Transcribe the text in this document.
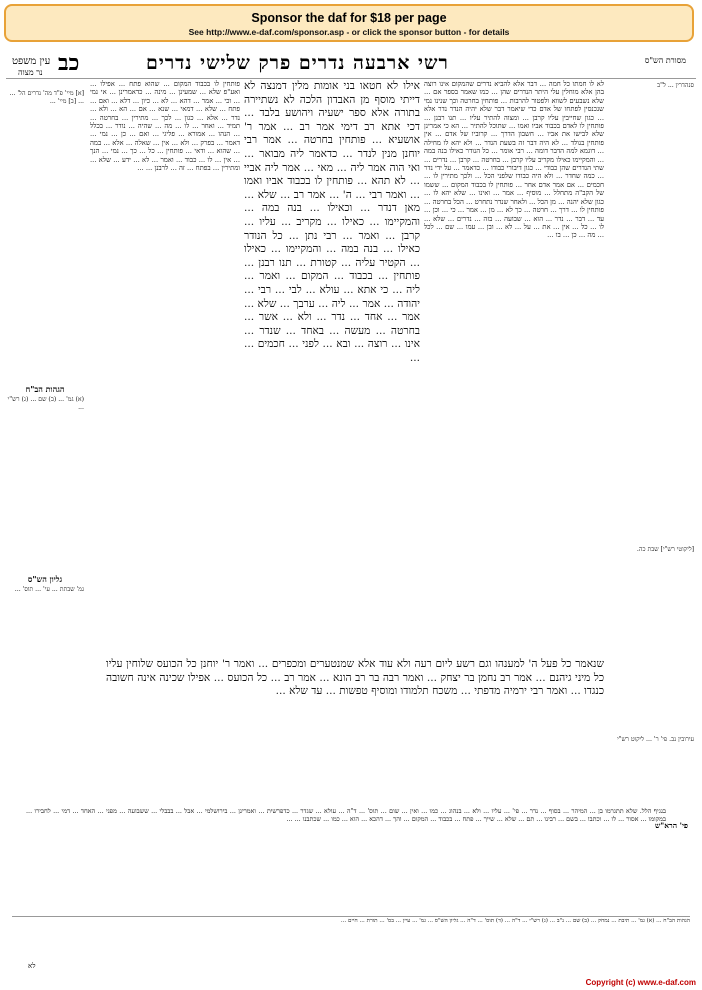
Sponsor the daf for $18 per page
See http://www.e-daf.com/sponsor.asp - or click the sponsor button - for details
מסורת הש"ס
רשי ארבעה נדרים פרק שלישי נדרים
כב
עין משפט
נר מצוה
סנהדרין ... ל"ב
[ליקוטי רש"י] שבת כה.
עירובין נב. פי' ר' ... ליקוט רש"י
פי' הרא"ש
לא לו חמתו כל חמה ... דבר אלא להביא נדרים שהמקום אינו רוצה בהן אלא מוחלין עלי היתר הנדרים שהן ... כמו שאמר בספר אם ... שלא נשבעים לשווא ולפטור להרבות ... פותחין בחרטה וכך שנינו נמי שנכנסין לפתחו של אדם כדי שיאמר דבר שלא יהיה הנדר נדר אלא ... כגון שחייבין עליו קרבן ... ומצוה להתיר עליו ... תנו רבנן ... פותחין לו לאדם בכבוד אביו ואמו ... שתוכל להתיר ... הא כי אמרינן שלא לבישו את אביו ... חשבון הדרך ... קרוביו של אדם ... אין פותחין בנולד ... לא היה דבר זה בשעת הנדר ... ולא יהא לו מחילה ... דוגמא למה הדבר דומה ... רבי אומר ... כל הנודר כאילו בנה במה ... והמקיימו כאילו מקריב עליו קרבן ... בחרטה ... קרבן ... נדרים ... שתי הנדרים שהן כבודי ... כגון דיבורי כבודו ... כדאמר ... על ידי נדר ... כמה שחדר ... ולא היה כבודו שלפני הכל ... ולכך מתירין לו ... חכמים ... אם אמר אדם אחר ... פותחין לו בכבוד המקום ... ששמו של הקב"ה מתחלל ... מוסיף ... אמר ... ואינו ... שלא יהא לו ... כגון שלא יהנה ... מן הכל ... ולאחר שנדר נתחרט ... הכל בחרטה ... פותחין לו ... דרך ... חרטה ... כך לא ... מן ... אמר ... כי ... וכן ... עד ... דבר ... נדר ... הוא ... שבועה ... בזה ... נדרים ... שלא ... לו ... כל ... אין ... את ... על ... לא ... ובן ... עמו ... שם ... לכל ... מה ... כן ... בו ...
אילו לא חטאו בני אומות מלין דמנצה לא דייתי מוסף מן האבדון הלכה לא נשתיירה בתורה אלא ספר ישעיה ויהושע בלבד ... דכי אתא רב דימי אמר רב ... אמר ר' אושעיא ... פותחין בחרטה ... אמר רבי יוחנן מנין לנדר ... כדאמר ליה מבואר ... ואי הוה אמר ליה ... מאי ... אמר ליה אביי ... לא תהא ... פותחין לו בכבוד אביו ואמו ... ואמר רבי ... ה' ... אמר רב ... שלא ... מאן דנדר ... וכאילו ... בנה במה ... והמקיימו ... כאילו ... מקריב ... עליו ... קרבן ... ואמר ... רבי נתן ... כל הנודר כאילו ... בנה במה ... והמקיימו ... כאילו ... הקטיר עליה ... קטורת ... תנו רבנן ... פותחין ... בכבוד ... המקום ... ואמר ... ליה ... כי אתא ... עולא ... לבי ... רבי ... יהודה ... אמר ... ליה ... ערבך ... שלא ... אמר ... אחד ... נדר ... ולא ... אשר ... בחרטה ... מעשה ... באחד ... שנדר ... אינו ... רוצה ... ובא ... לפני ... חכמים ... ...
פותחין לו בכבוד המקום ... שהוא פתח ... אפילו ... ואע"פ שלא ... שמעינן ... מינה ... כדאמרינן ... אי נמי ... וכי ... אמר ... דהא ... לא ... כיון ... דלא ... ואם ... פתח ... שלא ... דמאי ... שנא ... אם ... הא ... ולא ... נדר ... אלא ... כגון ... לכך ... מתירין ... בחרטה ... תמיד ... ואחר ... לו ... מה ... שהיה ... נודר ... בכלל ... הנהו ... אמורא ... פליגי ... ואם ... כן ... נמי ... דאמר ... בפרק ... ולא ... אין ... שאלה ... אלא ... במה ... שהוא ... ודאי ... פותחין ... כל ... כך ... נמי ... הנך ... אין ... לו ... כבוד ... ואמר ... לא ... ידע ... שלא ... ומתירין ... בפתח ... זה ... לרבנן ... ...
[א] מיי' פ"ד מה' נדרים הל' ... ... [ב] מיי' ...
הגהות הב"ח
(א) גמ' ... (ב) שם ... (ג) רש"י ...
גליון הש"ס
גמ' שבתת ... עי' ... תוס' ...
שנאמר כל פעל ה' למענהו וגם רשע ליום רעה ולא עוד אלא שמנטערים ומכפרים ... ואמר ר' יוחנן כל הכועס שלוחין עליו כל מיני גיהנם ... אמר רב נחמן בר יצחק ... ואמר רבה בר רב הונא ... אמר רב ... כל הכועס ... אפילו שכינה אינה חשובה כנגדו ... ואמר רבי ירמיה מדפתי ... משכח תלמודו ומוסיף טפשות ... עד שלא ...
בנגיף הלל. שלא תתגרמו בן ... המיהר ... בסוף ... נדר ... פי' ... עליו ... ולא ... בנהוג ... כמו ... ואין ... שום ... תוס' ... ד"ה ... עולא ... שגדר ... כדפרשית ... ואמרינן ... בירושלמי ... אבל ... בבבלי ... ששבועה ... מפני ... האחד ... דמי ... לחבירו ... במקומו ... אסור ... לו ... וכתבו ... בשם ... רבינו ... תם ... שלא ... שייך ... פתח ... בכבוד ... המקום ... והך ... דהכא ... הוא ... כמו ... שכתבנו ... ...
הגהות הב"ח ... (א) גמ' ... תיבת ... נמחק ... (ב) שם ... נ"ב ... (ג) רש"י ... ד"ה ... (ד) תוס' ... ד"ה ... גליון הש"ס ... גמ' ... עיין ... בס' ... תורת ... חיים ...
לא
Copyright (c) www.e-daf.com
